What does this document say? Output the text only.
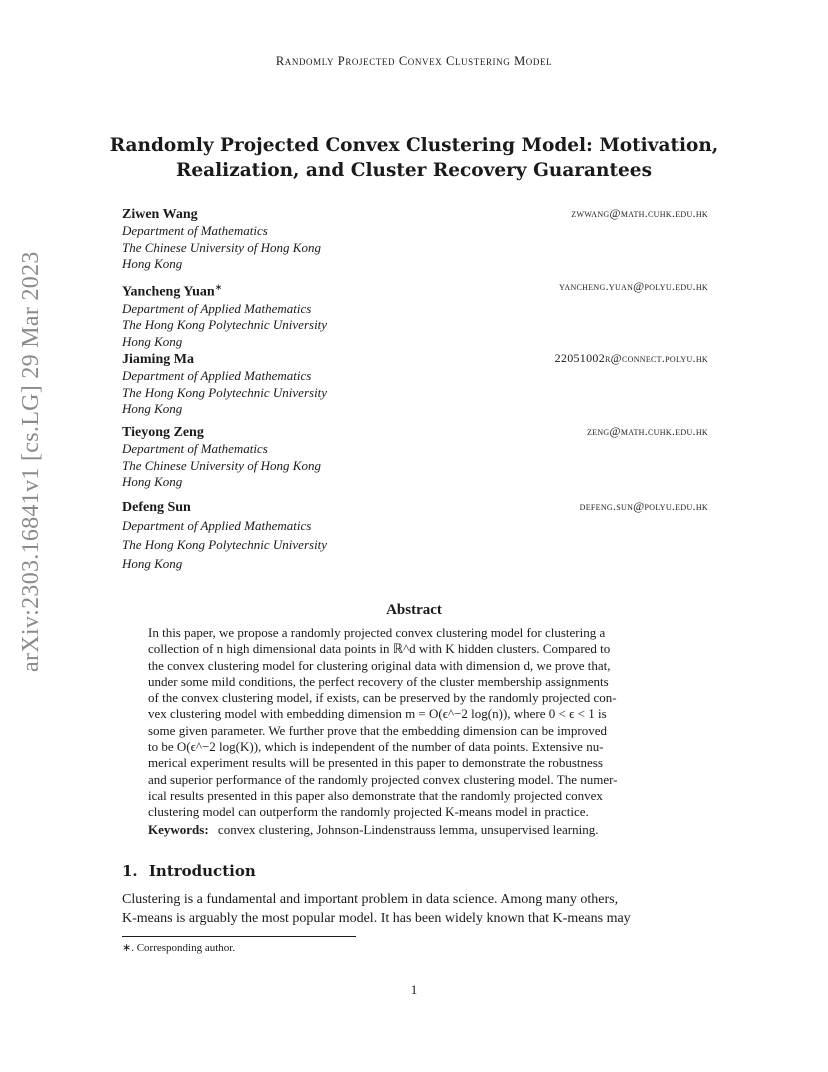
Randomly Projected Convex Clustering Model
arXiv:2303.16841v1 [cs.LG] 29 Mar 2023
Randomly Projected Convex Clustering Model: Motivation,
Realization, and Cluster Recovery Guarantees
Ziwen Wang	zwwang@math.cuhk.edu.hk
Department of Mathematics
The Chinese University of Hong Kong
Hong Kong
Yancheng Yuan∗	yancheng.yuan@polyu.edu.hk
Department of Applied Mathematics
The Hong Kong Polytechnic University
Hong Kong
Jiaming Ma	22051002r@connect.polyu.hk
Department of Applied Mathematics
The Hong Kong Polytechnic University
Hong Kong
Tieyong Zeng	zeng@math.cuhk.edu.hk
Department of Mathematics
The Chinese University of Hong Kong
Hong Kong
Defeng Sun	defeng.sun@polyu.edu.hk
Department of Applied Mathematics
The Hong Kong Polytechnic University
Hong Kong
Abstract
In this paper, we propose a randomly projected convex clustering model for clustering a
collection of n high dimensional data points in ℝ^d with K hidden clusters. Compared to
the convex clustering model for clustering original data with dimension d, we prove that,
under some mild conditions, the perfect recovery of the cluster membership assignments
of the convex clustering model, if exists, can be preserved by the randomly projected con-
vex clustering model with embedding dimension m = O(ϵ^−2 log(n)), where 0 < ϵ < 1 is
some given parameter. We further prove that the embedding dimension can be improved
to be O(ϵ^−2 log(K)), which is independent of the number of data points. Extensive nu-
merical experiment results will be presented in this paper to demonstrate the robustness
and superior performance of the randomly projected convex clustering model. The numer-
ical results presented in this paper also demonstrate that the randomly projected convex
clustering model can outperform the randomly projected K-means model in practice.
Keywords: convex clustering, Johnson-Lindenstrauss lemma, unsupervised learning.
1. Introduction
Clustering is a fundamental and important problem in data science. Among many others,
K-means is arguably the most popular model. It has been widely known that K-means may
∗. Corresponding author.
1
